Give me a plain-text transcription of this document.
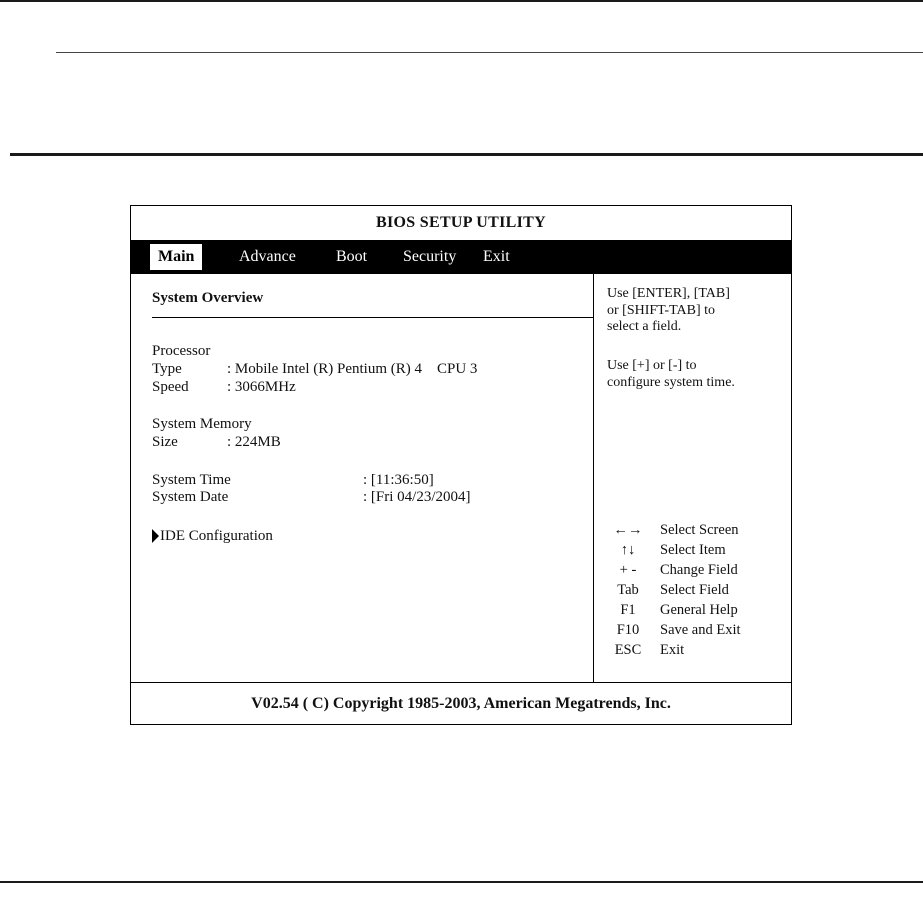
BIOS SETUP UTILITY
Main	Advance	Boot Security Exit
System Overview
Processor
Type	: Mobile Intel (R) Pentium (R) 4    CPU 3
Speed	: 3066MHz
System Memory
Size	: 224MB
System Time	: [11:36:50]
System Date	: [Fri 04/23/2004]
IDE Configuration
Use [ENTER], [TAB]
or [SHIFT-TAB] to
select a field.
Use [+] or [-] to
configure system time.
←→	Select Screen
↑↓	Select Item
+ -	Change Field
Tab	Select Field
F1	General Help
F10	Save and Exit
ESC	Exit
V02.54 ( C) Copyright 1985-2003, American Megatrends, Inc.
